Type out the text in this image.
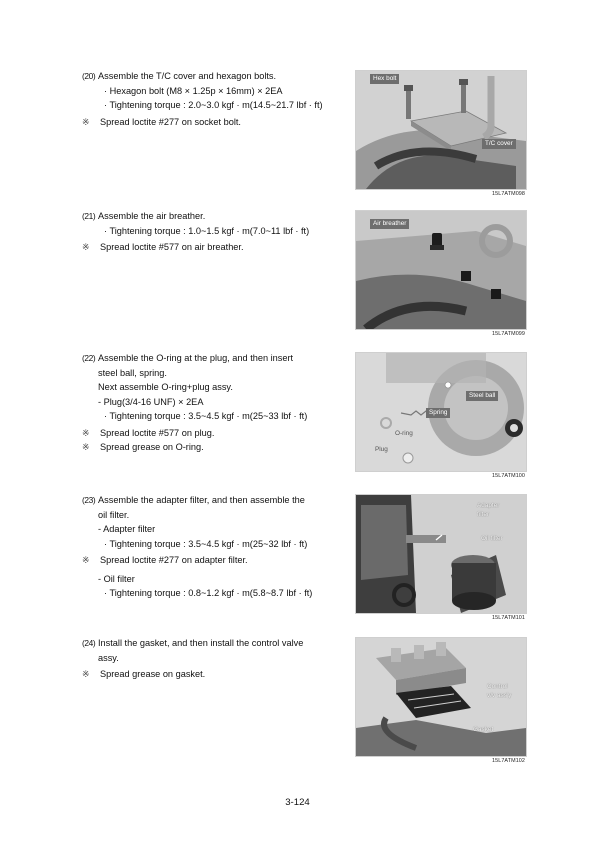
(20) Assemble the T/C cover and hexagon bolts.
· Hexagon bolt (M8 × 1.25p × 16mm) × 2EA
· Tightening torque : 2.0~3.0 kgf · m(14.5~21.7 lbf · ft)
※	Spread loctite #277 on socket bolt.
(21) Assemble the air breather.
· Tightening torque : 1.0~1.5 kgf · m(7.0~11 lbf · ft)
※	Spread loctite #577 on air breather.
(22) Assemble the O-ring at the plug, and then insert
steel ball, spring.
Next assemble O-ring+plug assy.
- Plug(3/4-16 UNF) × 2EA
· Tightening torque : 3.5~4.5 kgf · m(25~33 lbf · ft)
※	Spread loctite #577 on plug.
※	Spread grease on O-ring.
(23) Assemble the adapter filter, and then assemble the
oil filter.
- Adapter filter
· Tightening torque : 3.5~4.5 kgf · m(25~32 lbf · ft)
※	Spread loctite #277 on adapter filter.
- Oil filter
· Tightening torque : 0.8~1.2 kgf · m(5.8~8.7 lbf · ft)
(24) Install the gasket, and then install the control valve
assy.
※	Spread grease on gasket.
Hex bolt
T/C cover
15L7ATM098
Air breather
15L7ATM099
Steel ball
Spring
O-ring
Plug
15L7ATM100
Adapter
filter
Oil filter
15L7ATM101
Control
v/v ass'y
Gasket
15L7ATM102
3-124
